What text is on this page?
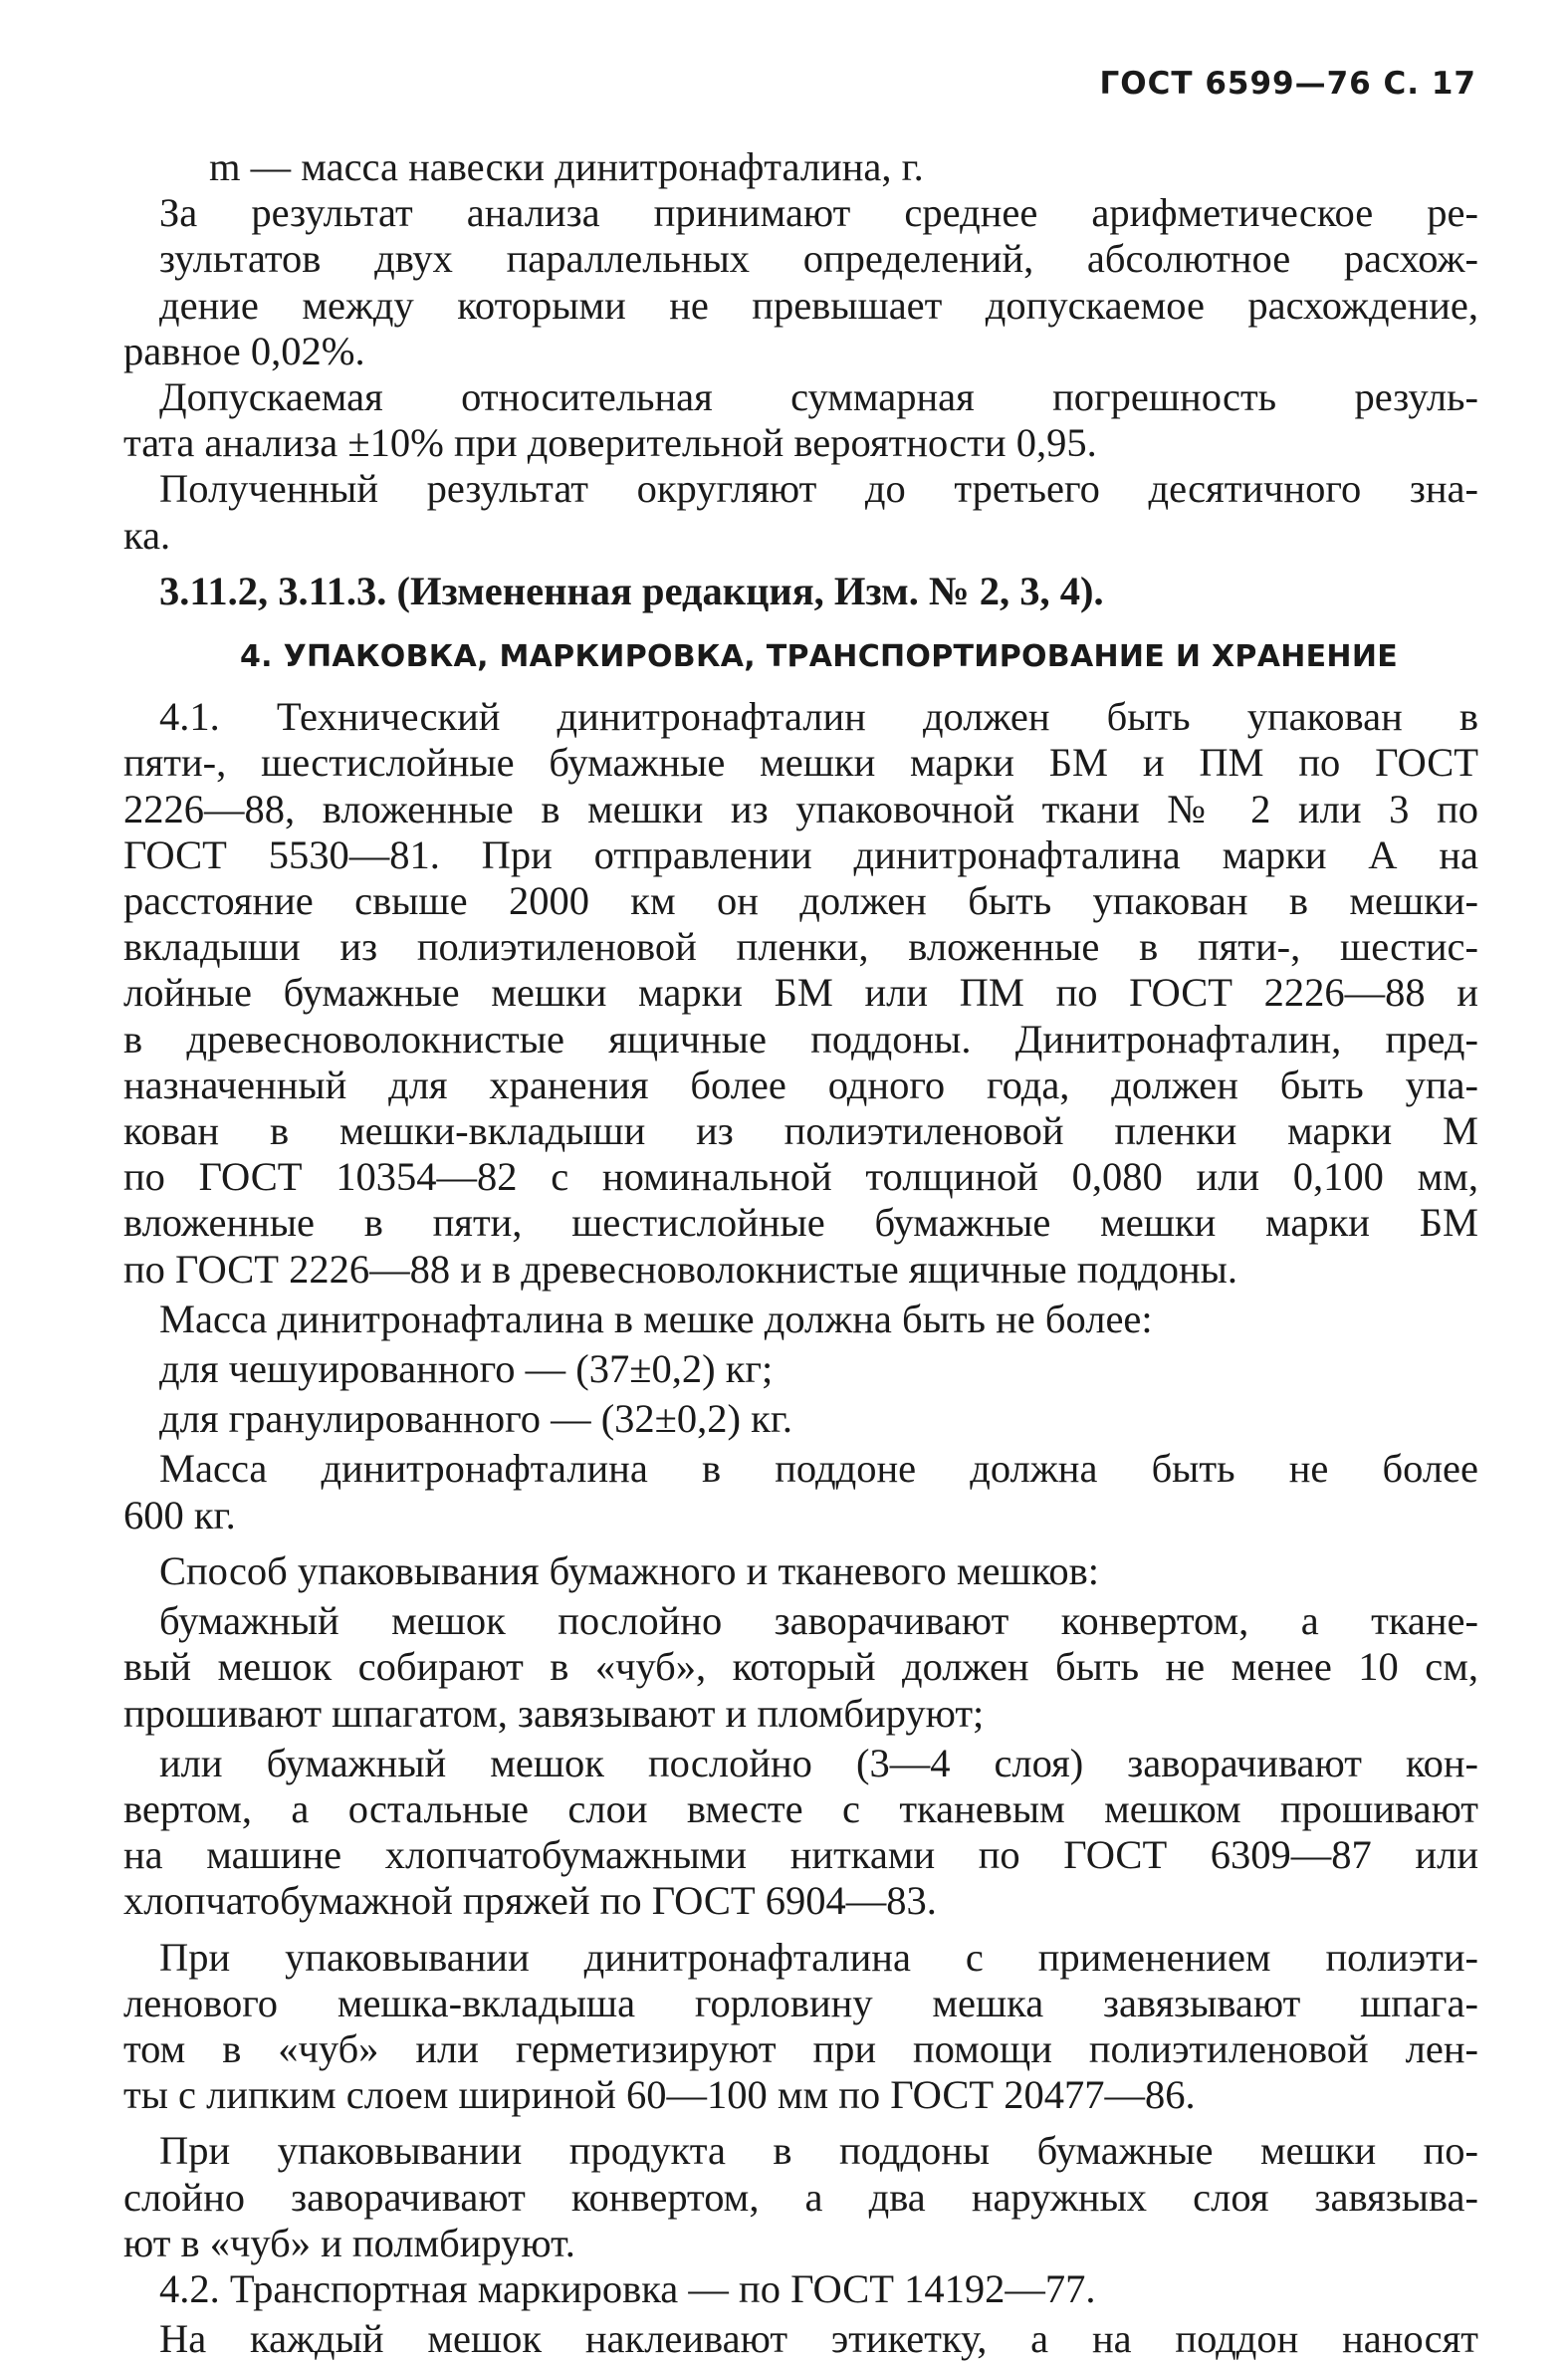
ГОСТ 6599—76 С. 17
m — масса навески динитронафталина, г.
За результат анализа принимают среднее арифметическое ре-
зультатов двух параллельных определений, абсолютное расхож-
дение между которыми не превышает допускаемое расхождение,
равное 0,02%.
Допускаемая относительная суммарная погрешность резуль-
тата анализа ±10% при доверительной вероятности 0,95.
Полученный результат округляют до третьего десятичного зна-
ка.
3.11.2, 3.11.3. (Измененная редакция, Изм. № 2, 3, 4).
4. УПАКОВКА, МАРКИРОВКА, ТРАНСПОРТИРОВАНИЕ И ХРАНЕНИЕ
4.1. Технический динитронафталин должен быть упакован в
пяти-, шестислойные бумажные мешки марки БМ и ПМ по ГОСТ
2226—88, вложенные в мешки из упаковочной ткани № 2 или 3 по
ГОСТ 5530—81. При отправлении динитронафталина марки А на
расстояние свыше 2000 км он должен быть упакован в мешки-
вкладыши из полиэтиленовой пленки, вложенные в пяти-, шестис-
лойные бумажные мешки марки БМ или ПМ по ГОСТ 2226—88 и
в древесноволокнистые ящичные поддоны. Динитронафталин, пред-
назначенный для хранения более одного года, должен быть упа-
кован в мешки-вкладыши из полиэтиленовой пленки марки М
по ГОСТ 10354—82 с номинальной толщиной 0,080 или 0,100 мм,
вложенные в пяти, шестислойные бумажные мешки марки БМ
по ГОСТ 2226—88 и в древесноволокнистые ящичные поддоны.
Масса динитронафталина в мешке должна быть не более:
для чешуированного — (37±0,2) кг;
для гранулированного — (32±0,2) кг.
Масса динитронафталина в поддоне должна быть не более
600 кг.
Способ упаковывания бумажного и тканевого мешков:
бумажный мешок послойно заворачивают конвертом, а ткане-
вый мешок собирают в «чуб», который должен быть не менее 10 см,
прошивают шпагатом, завязывают и пломбируют;
или бумажный мешок послойно (3—4 слоя) заворачивают кон-
вертом, а остальные слои вместе с тканевым мешком прошивают
на машине хлопчатобумажными нитками по ГОСТ 6309—87 или
хлопчатобумажной пряжей по ГОСТ 6904—83.
При упаковывании динитронафталина с применением полиэти-
ленового мешка-вкладыша горловину мешка завязывают шпага-
том в «чуб» или герметизируют при помощи полиэтиленовой лен-
ты с липким слоем шириной 60—100 мм по ГОСТ 20477—86.
При упаковывании продукта в поддоны бумажные мешки по-
слойно заворачивают конвертом, а два наружных слоя завязыва-
ют в «чуб» и полмбируют.
4.2. Транспортная маркировка — по ГОСТ 14192—77.
На каждый мешок наклеивают этикетку, а на поддон наносят
